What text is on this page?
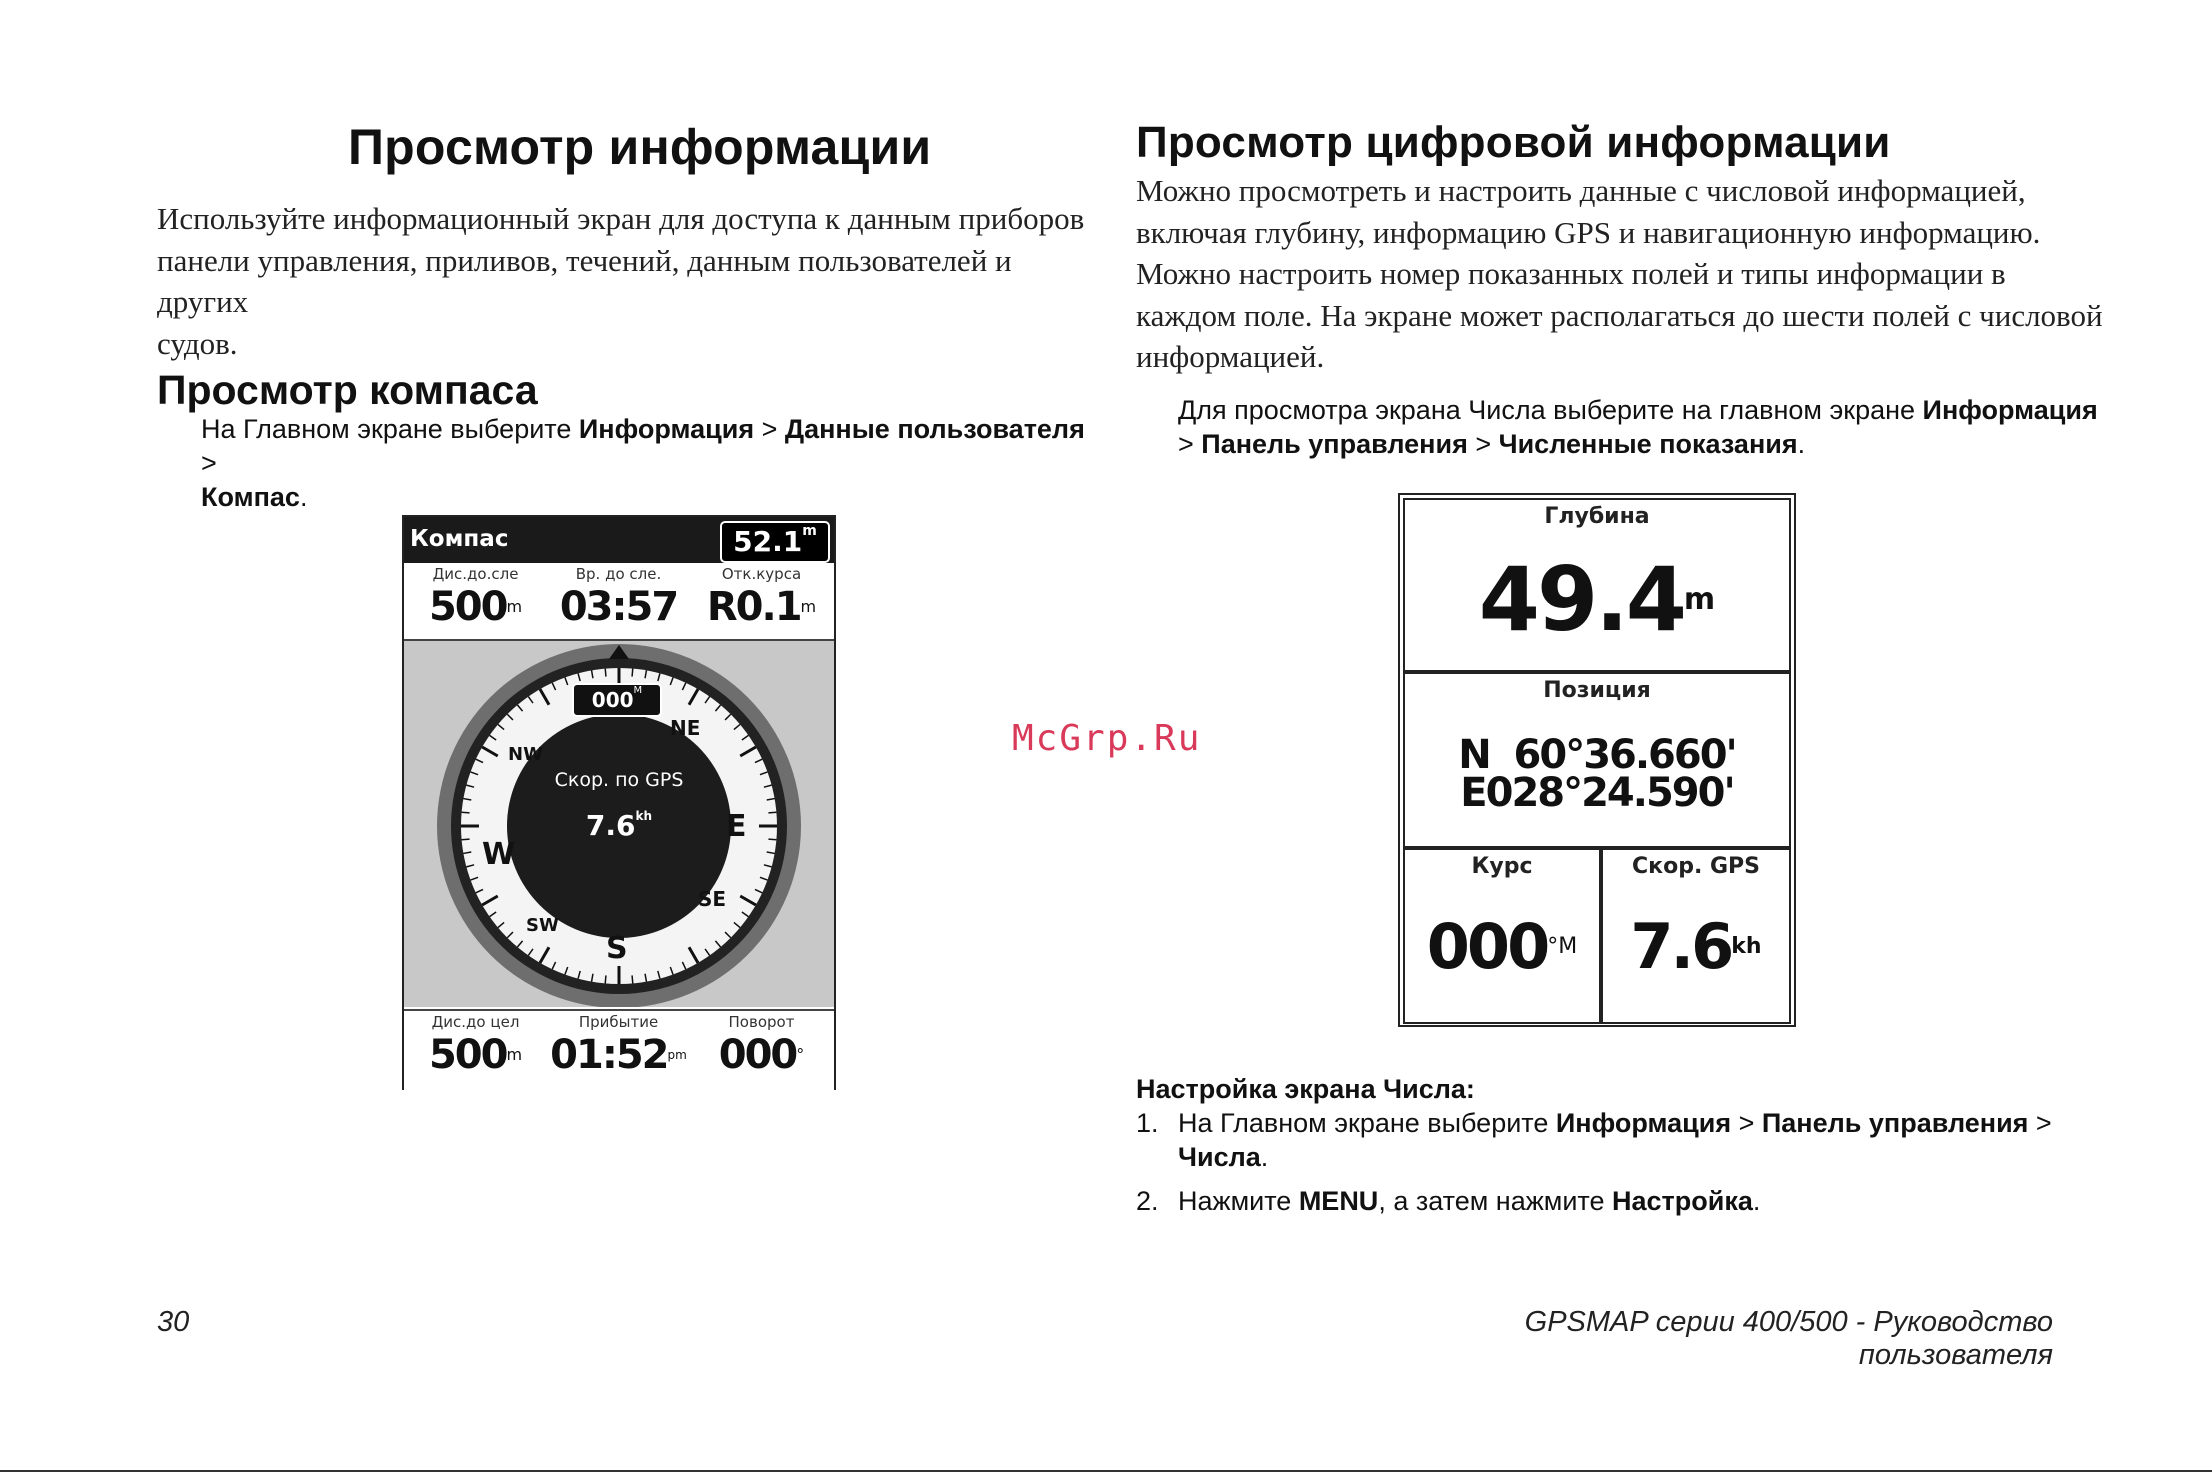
Просмотр информации
Используйте информационный экран для доступа к данным приборов
панели управления, приливов, течений, данным пользователей и других
судов.
Просмотр компаса
На Главном экране выберите Информация > Данные пользователя >
Компас.
Компас	52.1m
Дис.до.сле
500$^m$
Вр. до сле.
03:57
Отк.курса
R0.1$^m$
$000^M$
Скор. по GPS
$7.6^{kh}$
NE
E
SE
S
SW
W
NW
Дис.до цел
500$^m$
Прибытие
$01:52^{pm}$
Поворот
000°
McGrp.Ru
Просмотр цифровой информации
Можно просмотреть и настроить данные с числовой информацией,
включая глубину, информацию GPS и навигационную информацию.
Можно настроить номер показанных полей и типы информации в
каждом поле. На экране может располагаться до шести полей с числовой
информацией.
Для просмотра экрана Числа выберите на главном экране Информация
> Панель управления > Численные показания.
Глубина
49.4$^m$
Позиция
N  60°36.660'
E028°24.590'
Курс
$000^{^\circ M}$
Скор. GPS
$7.6^{kh}$
Настройка экрана Числа:
1. На Главном экране выберите Информация > Панель управления >
Числа.
2. Нажмите MENU, а затем нажмите Настройка.
30	GPSMAP серии 400/500 - Руководство пользователя
